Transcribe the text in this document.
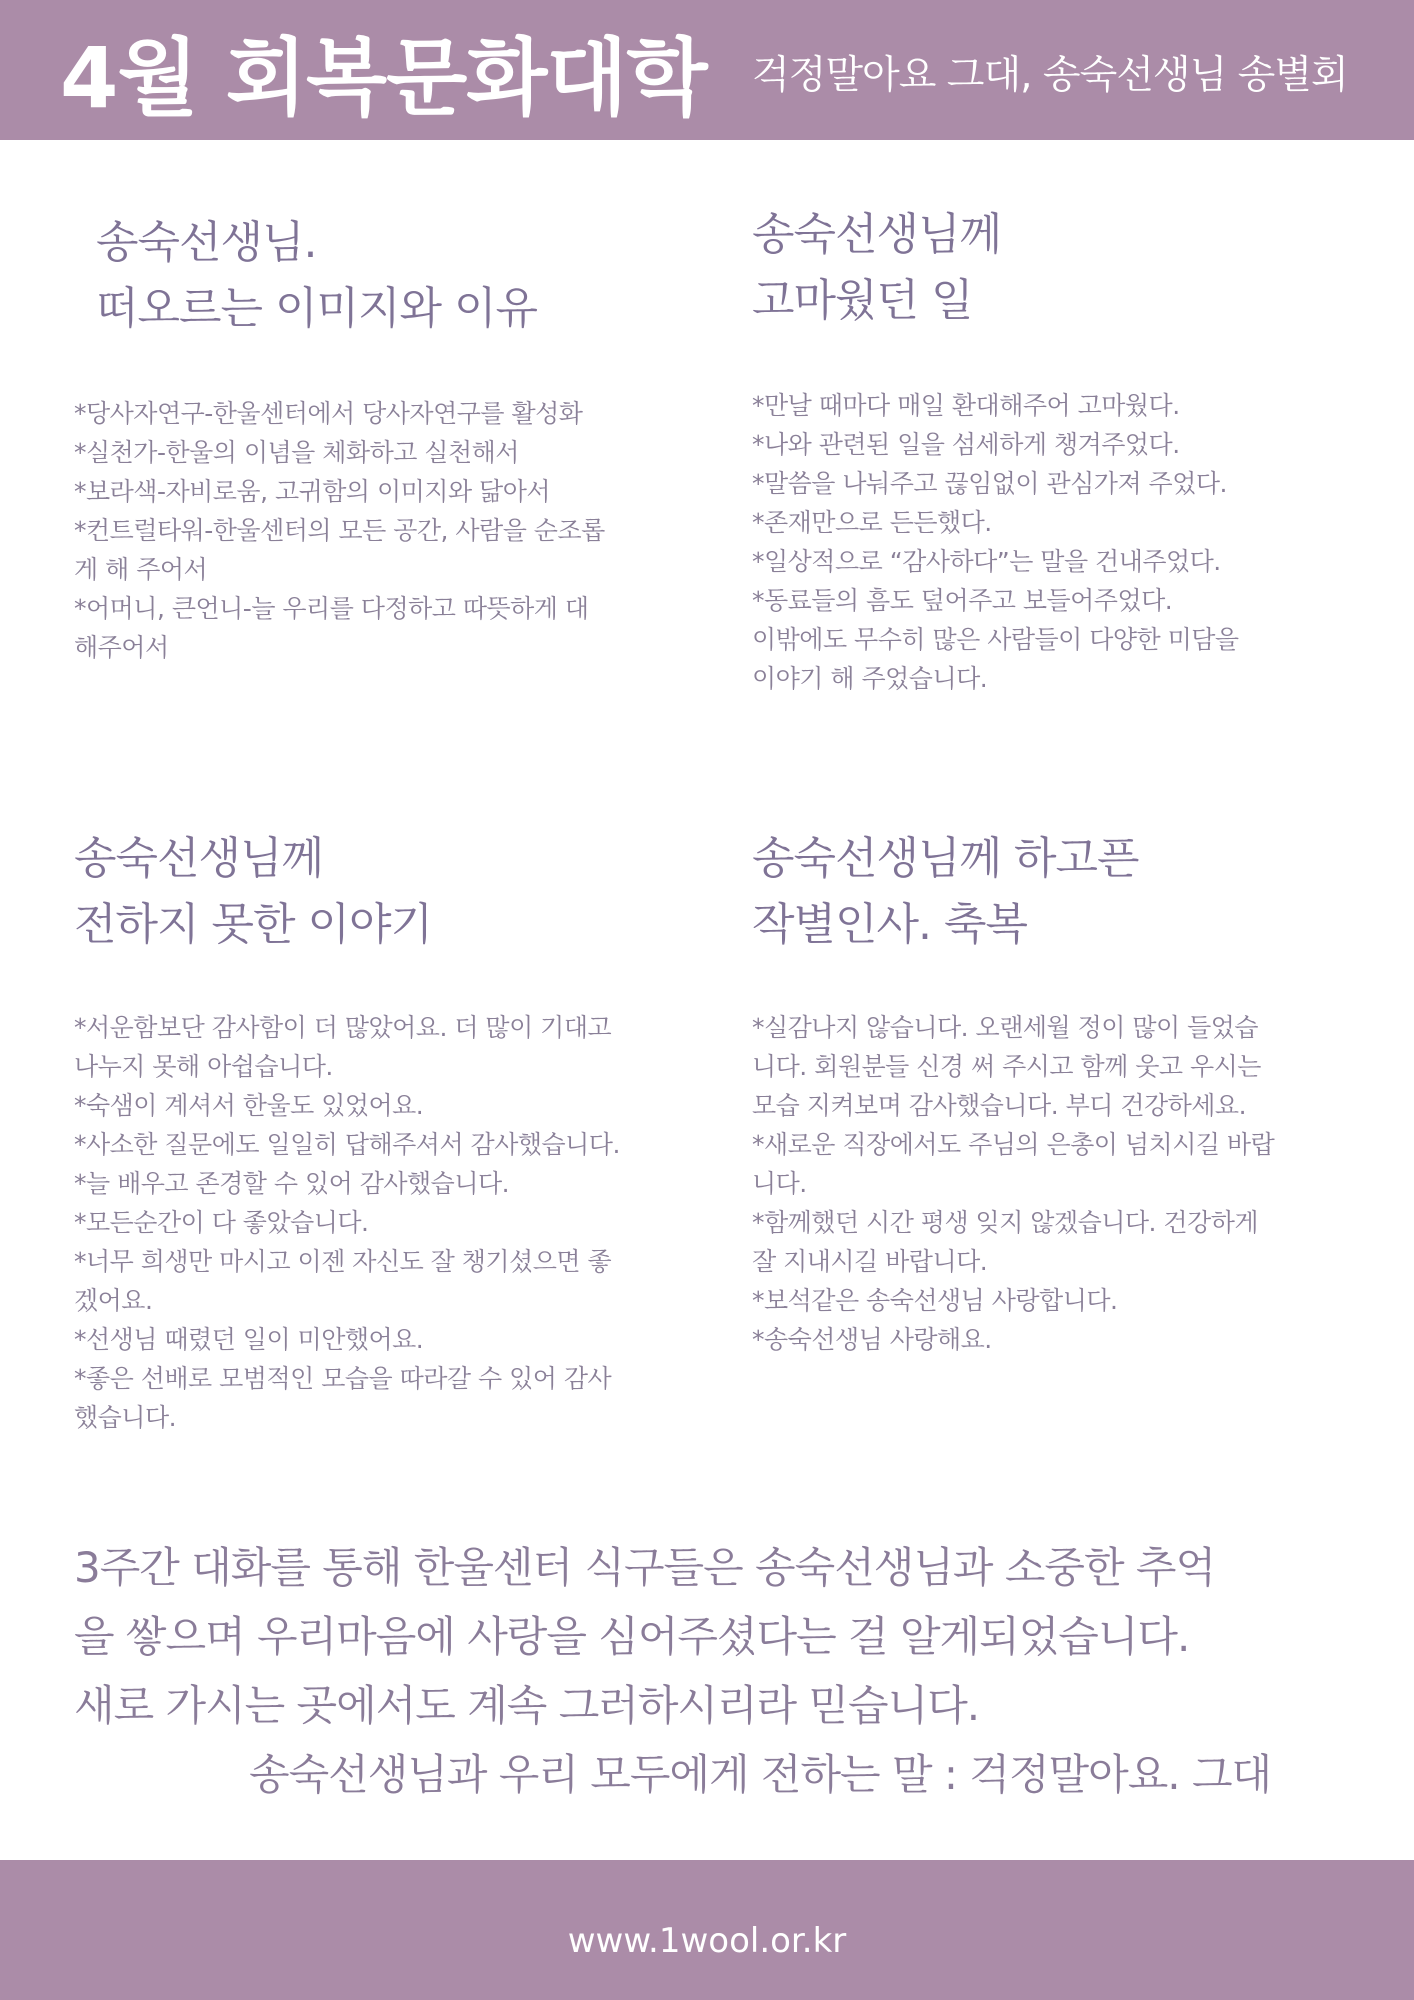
4월 회복문화대학 걱정말아요 그대, 송숙선생님 송별회
송숙선생님.
떠오르는 이미지와 이유
*당사자연구-한울센터에서 당사자연구를 활성화
*실천가-한울의 이념을 체화하고 실천해서
*보라색-자비로움, 고귀함의 이미지와 닮아서
*컨트럴타워-한울센터의 모든 공간, 사람을 순조롭
게 해 주어서
*어머니, 큰언니-늘 우리를 다정하고 따뜻하게 대
해주어서
송숙선생님께
고마웠던 일
*만날 때마다 매일 환대해주어 고마웠다.
*나와 관련된 일을 섬세하게 챙겨주었다.
*말씀을 나눠주고 끊임없이 관심가져 주었다.
*존재만으로 든든했다.
*일상적으로 “감사하다”는 말을 건내주었다.
*동료들의 흠도 덮어주고 보들어주었다.
이밖에도 무수히 많은 사람들이 다양한 미담을
이야기 해 주었습니다.
송숙선생님께
전하지 못한 이야기
*서운함보단 감사함이 더 많았어요. 더 많이 기대고
나누지 못해 아쉽습니다.
*숙샘이 계셔서 한울도 있었어요.
*사소한 질문에도 일일히 답해주셔서 감사했습니다.
*늘 배우고 존경할 수 있어 감사했습니다.
*모든순간이 다 좋았습니다.
*너무 희생만 마시고 이젠 자신도 잘 챙기셨으면 좋
겠어요.
*선생님 때렸던 일이 미안했어요.
*좋은 선배로 모범적인 모습을 따라갈 수 있어 감사
했습니다.
송숙선생님께 하고픈
작별인사. 축복
*실감나지 않습니다. 오랜세월 정이 많이 들었습
니다. 회원분들 신경 써 주시고 함께 웃고 우시는
모습 지켜보며 감사했습니다. 부디 건강하세요.
*새로운 직장에서도 주님의 은총이 넘치시길 바랍
니다.
*함께했던 시간 평생 잊지 않겠습니다. 건강하게
잘 지내시길 바랍니다.
*보석같은 송숙선생님 사랑합니다.
*송숙선생님 사랑해요.
3주간 대화를 통해 한울센터 식구들은 송숙선생님과 소중한 추억
을 쌓으며 우리마음에 사랑을 심어주셨다는 걸 알게되었습니다.
새로 가시는 곳에서도 계속 그러하시리라 믿습니다.
송숙선생님과 우리 모두에게 전하는 말 : 걱정말아요. 그대
www.1wool.or.kr
